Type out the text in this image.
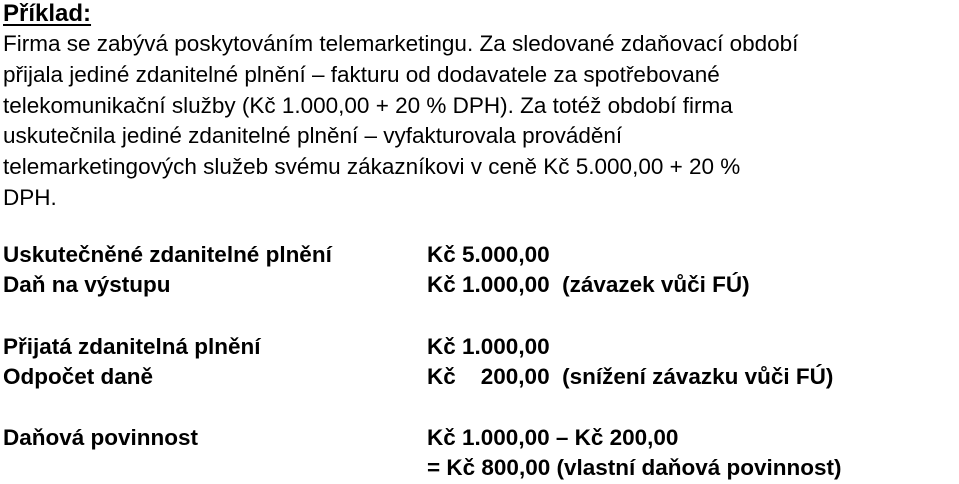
Příklad:
Firma se zabývá poskytováním telemarketingu. Za sledované zdaňovací období
přijala jediné zdanitelné plnění – fakturu od dodavatele za spotřebované
telekomunikační služby (Kč 1.000,00 + 20 % DPH). Za totéž období firma
uskutečnila jediné zdanitelné plnění – vyfakturovala provádění
telemarketingových služeb svému zákazníkovi v ceně Kč 5.000,00 + 20 %
DPH.
Uskutečněné zdanitelné plnění	Kč 5.000,00
Daň na výstupu	Kč 1.000,00  (závazek vůči FÚ)
Přijatá zdanitelná plnění	Kč 1.000,00
Odpočet daně	Kč    200,00  (snížení závazku vůči FÚ)
Daňová povinnost	Kč 1.000,00 – Kč 200,00
= Kč 800,00 (vlastní daňová povinnost)
